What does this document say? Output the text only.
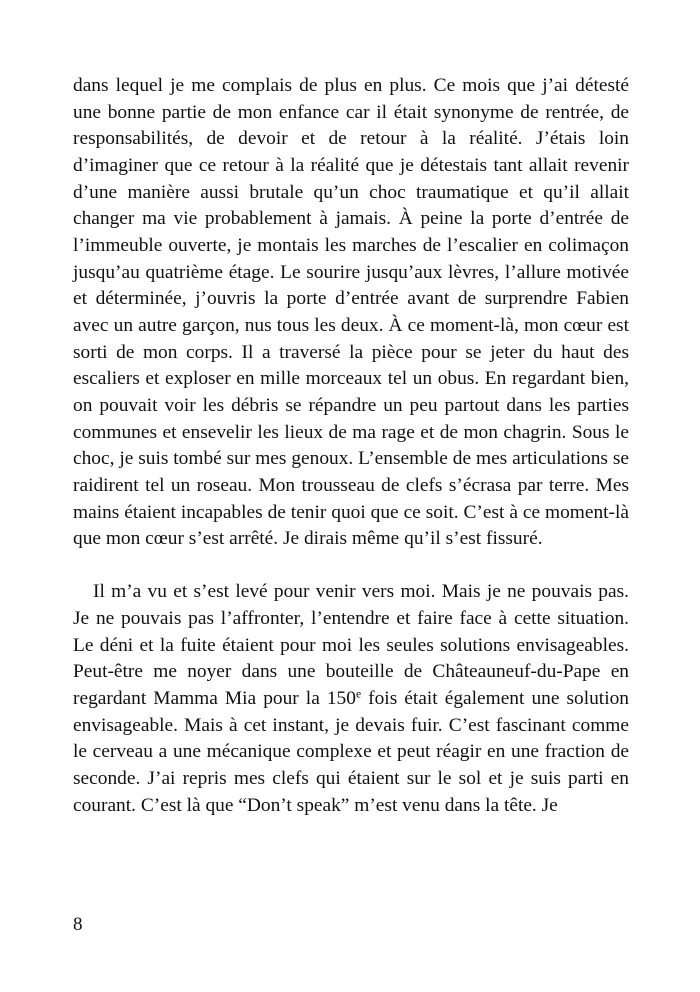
dans lequel je me complais de plus en plus. Ce mois que j’ai détesté une bonne partie de mon enfance car il était synonyme de rentrée, de responsabilités, de devoir et de retour à la réalité. J’étais loin d’imaginer que ce retour à la réalité que je détestais tant allait revenir d’une manière aussi brutale qu’un choc traumatique et qu’il allait changer ma vie probablement à jamais. À peine la porte d’entrée de l’immeuble ouverte, je montais les marches de l’escalier en colimaçon jusqu’au quatrième étage. Le sourire jusqu’aux lèvres, l’allure motivée et déterminée, j’ouvris la porte d’entrée avant de surprendre Fabien avec un autre garçon, nus tous les deux. À ce moment-là, mon cœur est sorti de mon corps. Il a traversé la pièce pour se jeter du haut des escaliers et exploser en mille morceaux tel un obus. En regardant bien, on pouvait voir les débris se répandre un peu partout dans les parties communes et ensevelir les lieux de ma rage et de mon chagrin. Sous le choc, je suis tombé sur mes genoux. L’ensemble de mes articulations se raidirent tel un roseau. Mon trousseau de clefs s’écrasa par terre. Mes mains étaient incapables de tenir quoi que ce soit. C’est à ce moment-là que mon cœur s’est arrêté. Je dirais même qu’il s’est fissuré.

Il m’a vu et s’est levé pour venir vers moi. Mais je ne pouvais pas. Je ne pouvais pas l’affronter, l’entendre et faire face à cette situation. Le déni et la fuite étaient pour moi les seules solutions envisageables. Peut-être me noyer dans une bouteille de Châteauneuf-du-Pape en regardant Mamma Mia pour la 150e fois était également une solution envisageable. Mais à cet instant, je devais fuir. C’est fascinant comme le cerveau a une mécanique complexe et peut réagir en une fraction de seconde. J’ai repris mes clefs qui étaient sur le sol et je suis parti en courant. C’est là que “Don’t speak” m’est venu dans la tête. Je

8
